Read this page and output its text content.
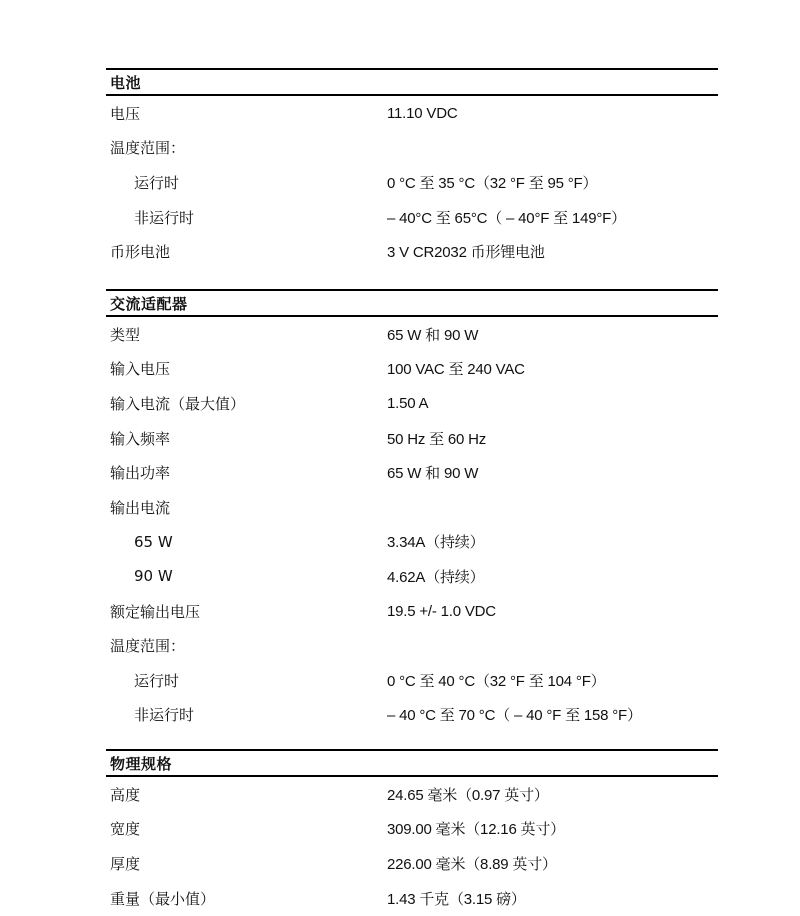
电池
电压	11.10 VDC
温度范围：
运行时	0 °C 至 35 °C（32 °F 至 95 °F）
非运行时	– 40°C 至 65°C（ – 40°F 至 149°F）
币形电池	3 V CR2032 币形锂电池
交流适配器
类型	65 W 和 90 W
输入电压	100 VAC 至 240 VAC
输入电流（最大值）	1.50 A
输入频率	50 Hz 至 60 Hz
输出功率	65 W 和 90 W
输出电流
65 W	3.34A（持续）
90 W	4.62A（持续）
额定输出电压	19.5 +/- 1.0 VDC
温度范围：
运行时	0 °C 至 40 °C（32 °F 至 104 °F）
非运行时	– 40 °C 至 70 °C（ – 40 °F 至 158 °F）
物理规格
高度	24.65 毫米（0.97 英寸）
宽度	309.00 毫米（12.16 英寸）
厚度	226.00 毫米（8.89 英寸）
重量（最小值）	1.43 千克（3.15 磅）
